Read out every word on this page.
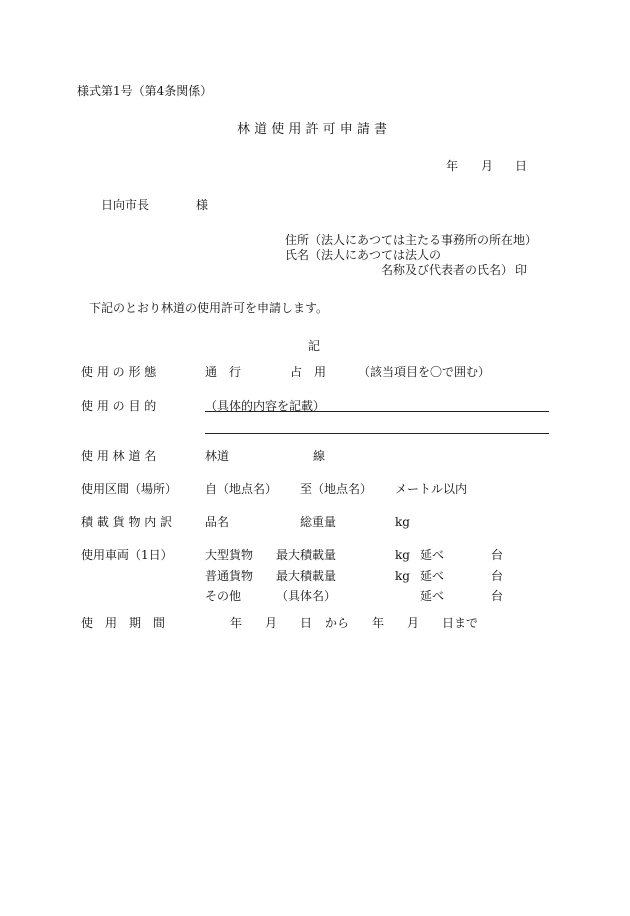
様式第1号（第4条関係）
林 道 使 用 許 可 申 請 書
年 月 日
日向市長	様
住所（法人にあつては主たる事務所の所在地）
氏名（法人にあつては法人の
名称及び代表者の氏名） 印
下記のとおり林道の使用許可を申請します。
記
使 用 の 形 態	通　行	占　用	（該当項目を〇で囲む）
使 用 の 目 的	（具体的内容を記載）
使 用 林 道 名	林道	線
使用区間（場所） 自（地点名） 至（地点名） メートル以内
積 載 貨 物 内 訳	品名	総重量	kg
使用車両（1日）	大型貨物 最大積載量	kg 延べ	台
普通貨物 最大積載量	kg 延べ	台
その他	（具体名）	延べ	台
使　用　期　間	年 月 日 から 年 月 日まで
